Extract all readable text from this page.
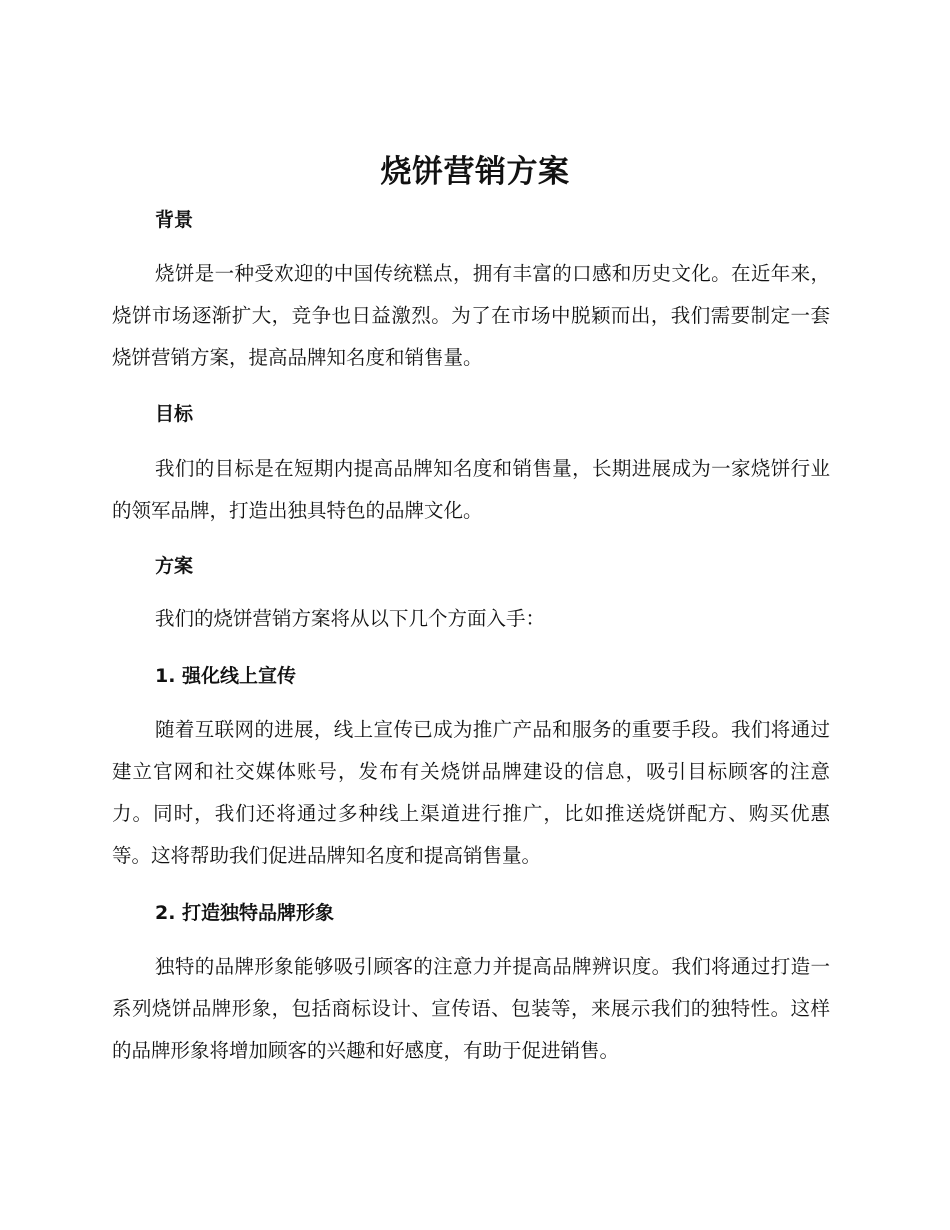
烧饼营销方案
背景

烧饼是一种受欢迎的中国传统糕点，拥有丰富的口感和历史文化。在近年来，烧饼市场逐渐扩大，竞争也日益激烈。为了在市场中脱颖而出，我们需要制定一套烧饼营销方案，提高品牌知名度和销售量。

目标

我们的目标是在短期内提高品牌知名度和销售量，长期进展成为一家烧饼行业的领军品牌，打造出独具特色的品牌文化。

方案

我们的烧饼营销方案将从以下几个方面入手：

1. 强化线上宣传

随着互联网的进展，线上宣传已成为推广产品和服务的重要手段。我们将通过建立官网和社交媒体账号，发布有关烧饼品牌建设的信息，吸引目标顾客的注意力。同时，我们还将通过多种线上渠道进行推广，比如推送烧饼配方、购买优惠等。这将帮助我们促进品牌知名度和提高销售量。

2. 打造独特品牌形象

独特的品牌形象能够吸引顾客的注意力并提高品牌辨识度。我们将通过打造一系列烧饼品牌形象，包括商标设计、宣传语、包装等，来展示我们的独特性。这样的品牌形象将增加顾客的兴趣和好感度，有助于促进销售。
